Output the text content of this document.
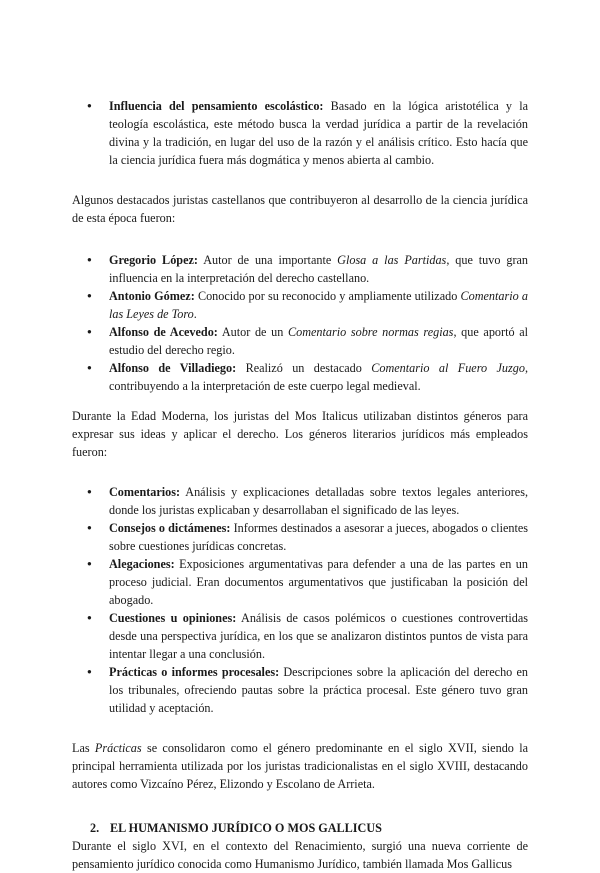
● Influencia del pensamiento escolástico: Basado en la lógica aristotélica y la teología escolástica, este método busca la verdad jurídica a partir de la revelación divina y la tradición, en lugar del uso de la razón y el análisis crítico. Esto hacía que la ciencia jurídica fuera más dogmática y menos abierta al cambio.

Algunos destacados juristas castellanos que contribuyeron al desarrollo de la ciencia jurídica de esta época fueron:

● Gregorio López: Autor de una importante Glosa a las Partidas, que tuvo gran influencia en la interpretación del derecho castellano.
● Antonio Gómez: Conocido por su reconocido y ampliamente utilizado Comentario a las Leyes de Toro.
● Alfonso de Acevedo: Autor de un Comentario sobre normas regias, que aportó al estudio del derecho regio.
● Alfonso de Villadiego: Realizó un destacado Comentario al Fuero Juzgo, contribuyendo a la interpretación de este cuerpo legal medieval.

Durante la Edad Moderna, los juristas del Mos Italicus utilizaban distintos géneros para expresar sus ideas y aplicar el derecho. Los géneros literarios jurídicos más empleados fueron:

● Comentarios: Análisis y explicaciones detalladas sobre textos legales anteriores, donde los juristas explicaban y desarrollaban el significado de las leyes.
● Consejos o dictámenes: Informes destinados a asesorar a jueces, abogados o clientes sobre cuestiones jurídicas concretas.
● Alegaciones: Exposiciones argumentativas para defender a una de las partes en un proceso judicial. Eran documentos argumentativos que justificaban la posición del abogado.
● Cuestiones u opiniones: Análisis de casos polémicos o cuestiones controvertidas desde una perspectiva jurídica, en los que se analizaron distintos puntos de vista para intentar llegar a una conclusión.
● Prácticas o informes procesales: Descripciones sobre la aplicación del derecho en los tribunales, ofreciendo pautas sobre la práctica procesal. Este género tuvo gran utilidad y aceptación.

Las Prácticas se consolidaron como el género predominante en el siglo XVII, siendo la principal herramienta utilizada por los juristas tradicionalistas en el siglo XVIII, destacando autores como Vizcaíno Pérez, Elizondo y Escolano de Arrieta.

2. EL HUMANISMO JURÍDICO O MOS GALLICUS

Durante el siglo XVI, en el contexto del Renacimiento, surgió una nueva corriente de pensamiento jurídico conocida como Humanismo Jurídico, también llamada Mos Gallicus
